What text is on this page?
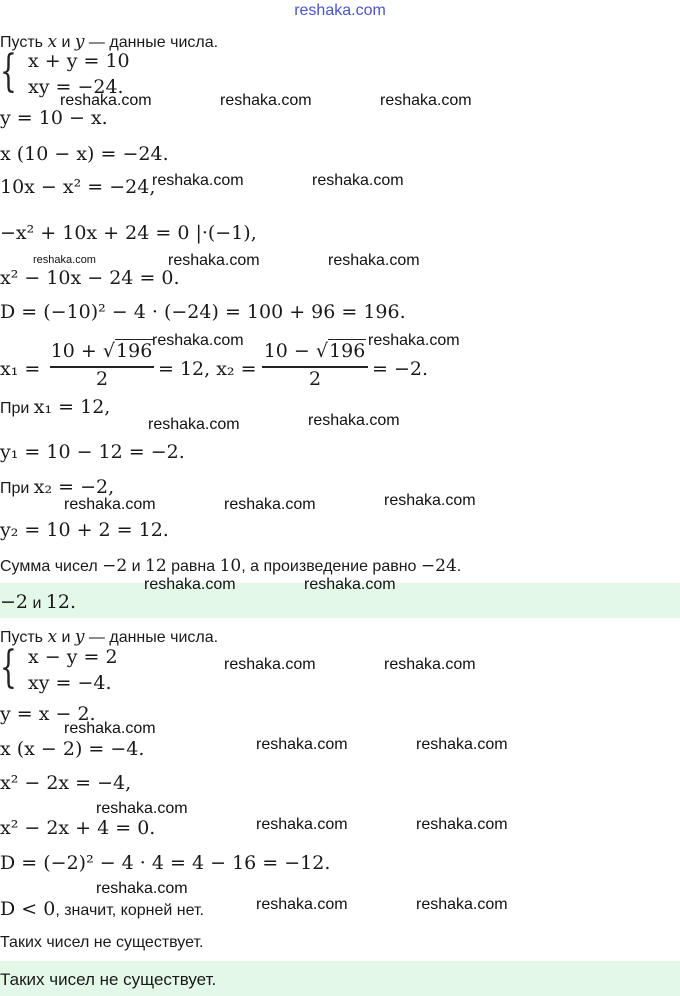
reshaka.com
Пусть x и y — данные числа.
{ x + y = 10
xy = −24.
y = 10 − x.
x (10 − x) = −24.
10x − x² = −24,
−x² + 10x + 24 = 0 |·(−1),
x² − 10x − 24 = 0.
D = (−10)² − 4 · (−24) = 100 + 96 = 196.
x₁ =
10 + √196
2	= 12, x₂ =
10 − √196
2	= −2.
При x₁ = 12,
y₁ = 10 − 12 = −2.
При x₂ = −2,
y₂ = 10 + 2 = 12.
Сумма чисел −2 и 12 равна 10, а произведение равно −24.
−2 и 12.
Пусть x и y — данные числа.
{ x − y = 2
xy = −4.
y = x − 2.
x (x − 2) = −4.
x² − 2x = −4,
x² − 2x + 4 = 0.
D = (−2)² − 4 · 4 = 4 − 16 = −12.
D < 0, значит, корней нет.
Таких чисел не существует.
Таких чисел не существует.
reshaka.com	reshaka.com	reshaka.com
reshaka.com	reshaka.com
reshaka.com	reshaka.com	reshaka.com
reshaka.com	reshaka.com
reshaka.com	reshaka.com
reshaka.com	reshaka.com	reshaka.com
reshaka.com	reshaka.com
reshaka.com	reshaka.com
reshaka.com
reshaka.com	reshaka.com
reshaka.com
reshaka.com	reshaka.com
reshaka.com
reshaka.com	reshaka.com
